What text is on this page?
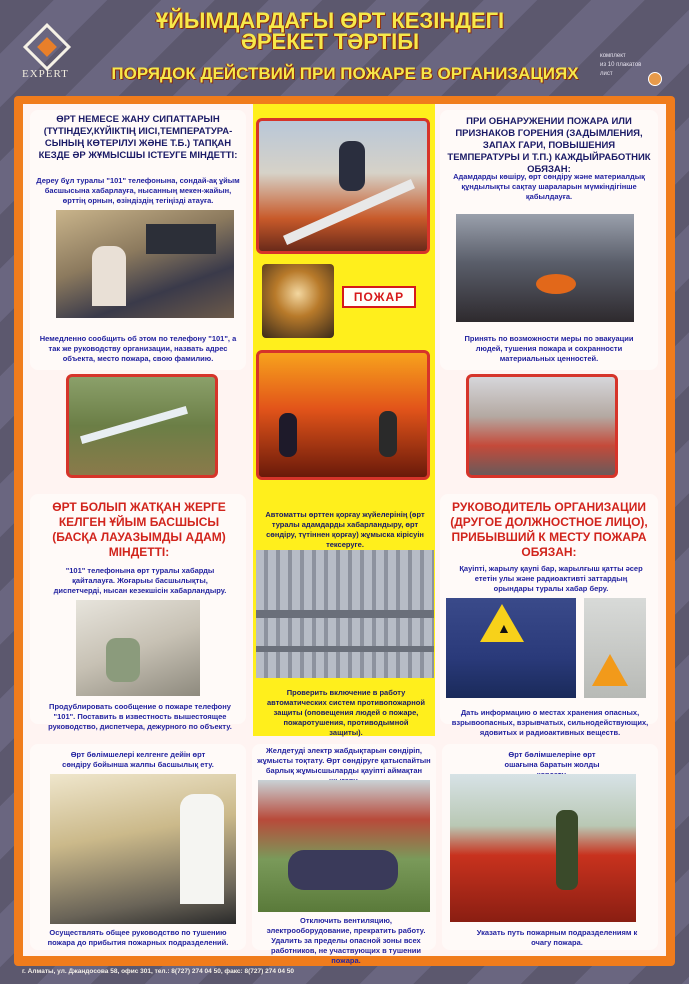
EXPERT
ҰЙЫМДАРДАҒЫ ӨРТ КЕЗІНДЕГІ
ӘРЕКЕТ ТӘРТІБІ
ПОРЯДОК ДЕЙСТВИЙ ПРИ ПОЖАРЕ В ОРГАНИЗАЦИЯХ
комплект
из 10 плакатов
лист
ӨРТ НЕМЕСЕ ЖАНУ СИПАТТАРЫН (ТҮТІНДЕУ,КҮЙІКТІҢ ИІСІ,ТЕМПЕРАТУРА-СЫНЫҢ КӨТЕРІЛУІ ЖӘНЕ Т.Б.) ТАПҚАН КЕЗДЕ ӘР ЖҰМЫСШЫ ІСТЕУГЕ МІНДЕТТІ:
Дереу бұл туралы "101" телефонына, сондай-ақ ұйым басшысына хабарлауға, нысанның мекен-жайын, өрттің орнын, өзіндіздің тегіңізді атауға.
Немедленно сообщить об этом по телефону "101", а так же руководству организации, назвать адрес объекта, место пожара, свою фамилию.
ПОЖАР
Автоматты өрттен қорғау жүйелерінің (өрт туралы адамдарды хабарландыру, өрт сөндіру, түтіннен қорғау) жұмыска кірісуін тексеруге.
Проверить включение в работу автоматических систем противопожарной защиты (оповещения людей о пожаре, пожаротушения, противодымной защиты).
ПРИ ОБНАРУЖЕНИИ ПОЖАРА ИЛИ ПРИЗНАКОВ ГОРЕНИЯ (ЗАДЫМЛЕНИЯ, ЗАПАХ ГАРИ, ПОВЫШЕНИЯ ТЕМПЕРАТУРЫ И Т.П.) КАЖДЫЙРАБОТНИК ОБЯЗАН:
Адамдарды көшіру, өрт сөндіру және материалдық құндылықты сақтау шараларын мүмкіндігінше қабылдауға.
Принять по возможности меры по эвакуации людей, тушения пожара и сохранности материальных ценностей.
ӨРТ БОЛЫП ЖАТҚАН ЖЕРГЕ КЕЛГЕН ҰЙЫМ БАСШЫСЫ (БАСҚА ЛАУАЗЫМДЫ АДАМ) МІНДЕТТІ:
"101" телефонына өрт туралы хабарды қайталауға. Жоғарыы басшылықты, диспетчерді, нысан кезекшісін хабарландыру.
Продублировать сообщение о пожаре телефону "101". Поставить в известность вышестоящее руководство, диспетчера, дежурного по объекту.
РУКОВОДИТЕЛЬ ОРГАНИЗАЦИИ (ДРУГОЕ ДОЛЖНОСТНОЕ ЛИЦО), ПРИБЫВШИЙ К МЕСТУ ПОЖАРА ОБЯЗАН:
Қауіпті, жарылу қаупі бар, жарылғыш қатты әсер ететін улы және радиоактивті заттардың орындары туралы хабар беру.
▲
Дать информацию о местах хранения опасных, взрывоопасных, взрывчатых, сильнодействующих, ядовитых и радиоактивных веществ.
Өрт бөлімшелері келгенге дейін өрт сөндіру бойынша жалпы басшылық ету.
Осуществлять общее руководство по тушению пожара до прибытия пожарных подразделений.
Желдетуді электр жабдықтарын сөндіріп, жұмысты тоқтату. Өрт сөндіруге қатыспайтын барлық жұмысшыларды қауіпті аймақтан
Отключить вентиляцию, электрооборудование, прекратить работу. Удалить за пределы опасной зоны всех работников, не участвующих в тушении пожара.
Өрт бөлімшелеріне өрт ошағына баратын жолды
Указать путь пожарным подразделениям к очагу пожара.
г. Алматы, ул. Джандосова 58, офис 301, тел.: 8(727) 274 04 50, факс: 8(727) 274 04 50
